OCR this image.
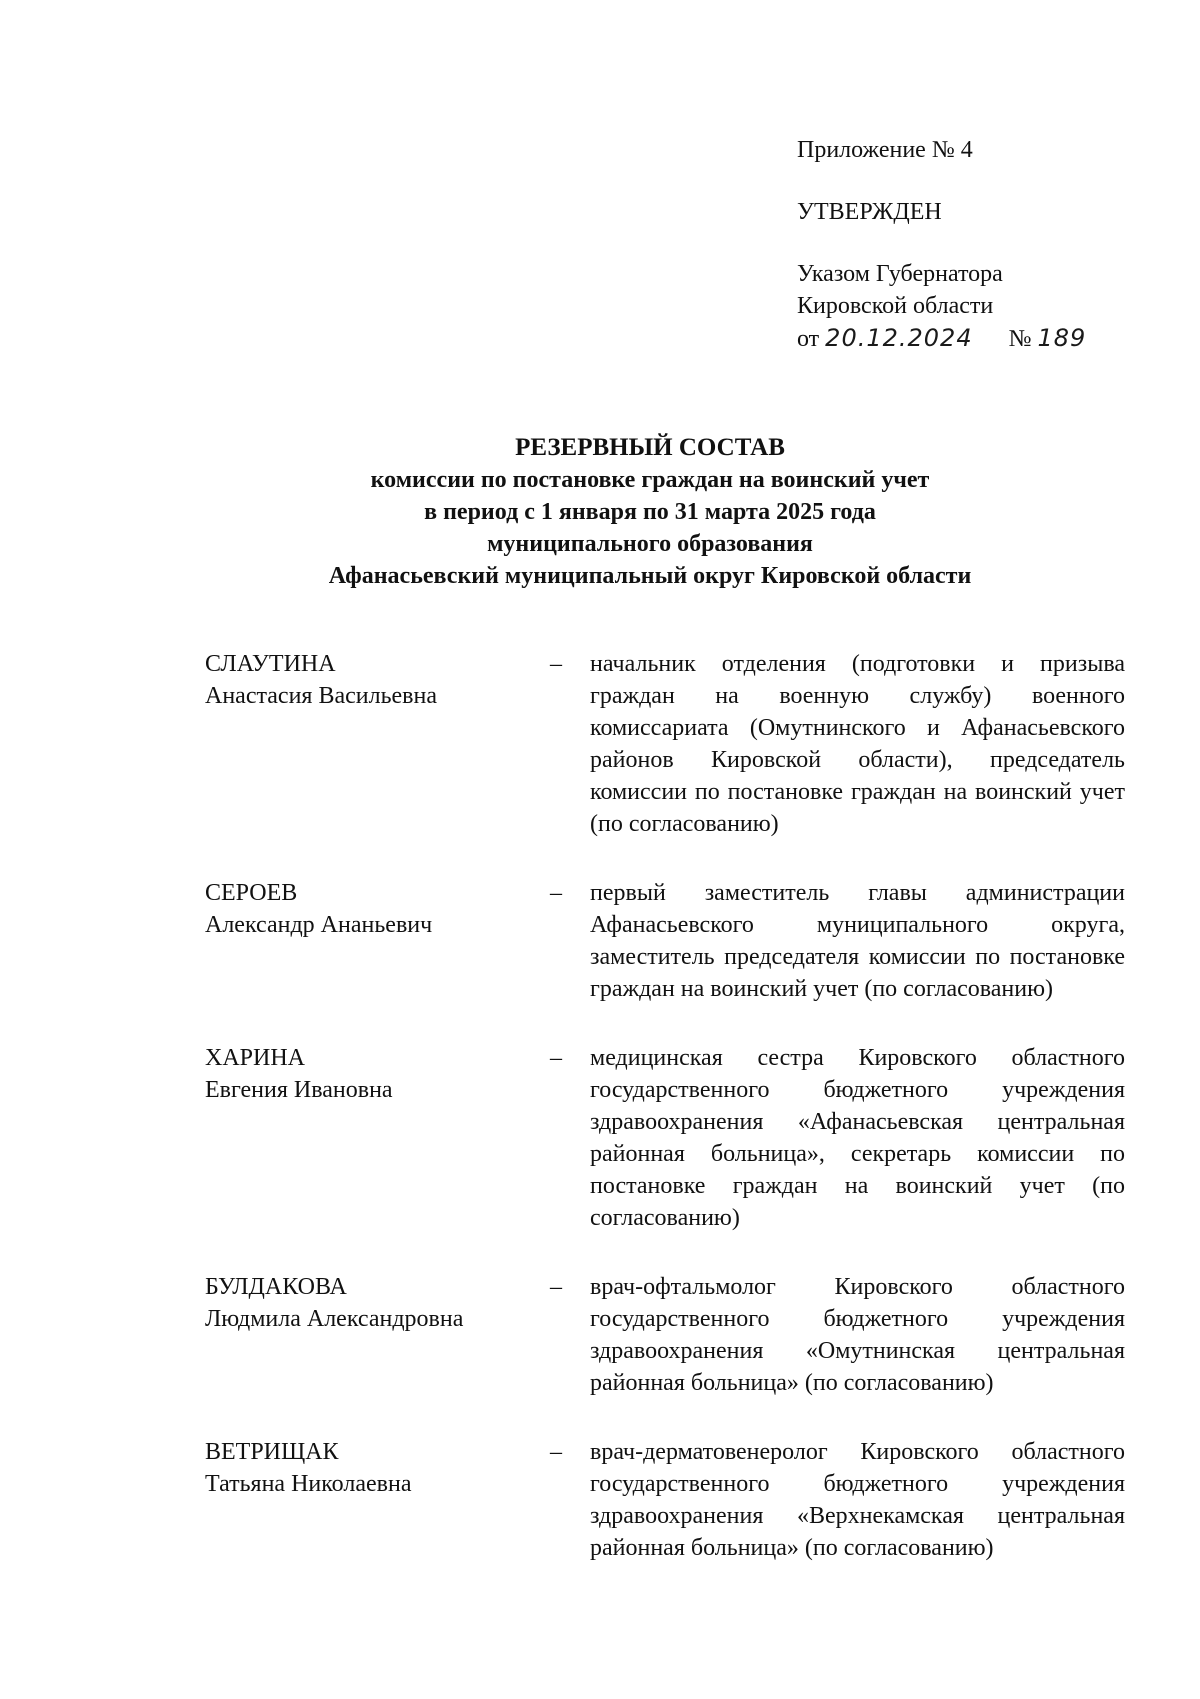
Приложение № 4
УТВЕРЖДЕН
Указом Губернатора
Кировской области
от 20.12.2024 № 189
РЕЗЕРВНЫЙ СОСТАВ
комиссии по постановке граждан на воинский учет
в период с 1 января по 31 марта 2025 года
муниципального образования
Афанасьевский муниципальный округ Кировской области
СЛАУТИНА
Анастасия Васильевна
–	начальник отделения (подготовки и призыва граждан на военную службу) военного комиссариата (Омутнинского и Афанасьевского районов Кировской области), председатель комиссии по постановке граждан на воинский учет (по согласованию)
СЕРОЕВ
Александр Ананьевич
–	первый заместитель главы администрации Афанасьевского муниципального округа, заместитель председателя комиссии по постановке граждан на воинский учет (по согласованию)
ХАРИНА
Евгения Ивановна
–	медицинская сестра Кировского областного государственного бюджетного учреждения здравоохранения «Афанасьевская центральная районная больница», секретарь комиссии по постановке граждан на воинский учет (по согласованию)
БУЛДАКОВА
Людмила Александровна
–	врач-офтальмолог Кировского областного государственного бюджетного учреждения здравоохранения «Омутнинская центральная районная больница» (по согласованию)
ВЕТРИЩАК
Татьяна Николаевна
–	врач-дерматовенеролог Кировского областного государственного бюджетного учреждения здравоохранения «Верхнекамская центральная районная больница» (по согласованию)
